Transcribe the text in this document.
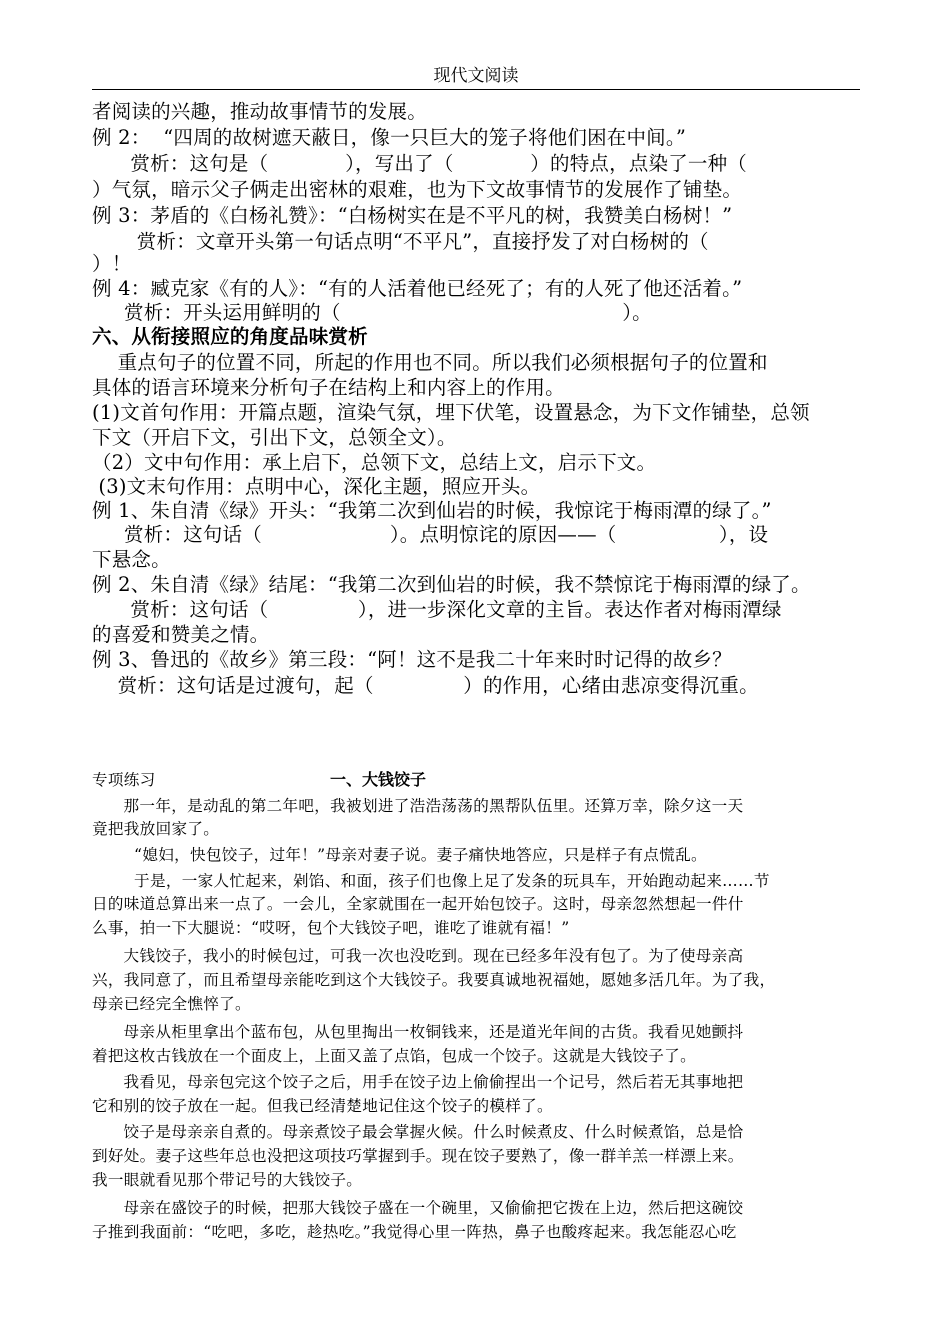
现代文阅读
者阅读的兴趣，推动故事情节的发展。
例 2：  “四周的故树遮天蔽日，像一只巨大的笼子将他们困在中间。”
赏析：这句是（            ），写出了（            ）的特点，点染了一种（
）气氛，暗示父子俩走出密林的艰难，也为下文故事情节的发展作了铺垫。
例 3：茅盾的《白杨礼赞》：“白杨树实在是不平凡的树，我赞美白杨树！”
赏析：文章开头第一句话点明“不平凡”，直接抒发了对白杨树的（
）！
例 4：臧克家《有的人》：“有的人活着他已经死了；有的人死了他还活着。”
赏析：开头运用鲜明的（                                            ）。
六、从衔接照应的角度品味赏析
重点句子的位置不同，所起的作用也不同。所以我们必须根据句子的位置和
具体的语言环境来分析句子在结构上和内容上的作用。
(1)文首句作用：开篇点题，渲染气氛，埋下伏笔，设置悬念，为下文作铺垫，总领
下文（开启下文，引出下文，总领全文）。
（2）文中句作用：承上启下，总领下文，总结上文，启示下文。
(3)文末句作用：点明中心，深化主题，照应开头。
例 1、朱自清《绿》开头：“我第二次到仙岩的时候，我惊诧于梅雨潭的绿了。”
赏析：这句话（                    ）。点明惊诧的原因——（                ），设
下悬念。
例 2、朱自清《绿》结尾：“我第二次到仙岩的时候，我不禁惊诧于梅雨潭的绿了。
赏析：这句话（              ），进一步深化文章的主旨。表达作者对梅雨潭绿
的喜爱和赞美之情。
例 3、鲁迅的《故乡》第三段：“阿！这不是我二十年来时时记得的故乡？
赏析：这句话是过渡句，起（              ）的作用，心绪由悲凉变得沉重。
专项练习	一、大钱饺子
那一年，是动乱的第二年吧，我被划进了浩浩荡荡的黑帮队伍里。还算万幸，除夕这一天
竟把我放回家了。
“媳妇，快包饺子，过年！”母亲对妻子说。妻子痛快地答应，只是样子有点慌乱。
于是，一家人忙起来，剁馅、和面，孩子们也像上足了发条的玩具车，开始跑动起来……节
日的味道总算出来一点了。一会儿，全家就围在一起开始包饺子。这时，母亲忽然想起一件什
么事，拍一下大腿说：“哎呀，包个大钱饺子吧，谁吃了谁就有福！”
大钱饺子，我小的时候包过，可我一次也没吃到。现在已经多年没有包了。为了使母亲高
兴，我同意了，而且希望母亲能吃到这个大钱饺子。我要真诚地祝福她，愿她多活几年。为了我，
母亲已经完全憔悴了。
母亲从柜里拿出个蓝布包，从包里掏出一枚铜钱来，还是道光年间的古货。我看见她颤抖
着把这枚古钱放在一个面皮上，上面又盖了点馅，包成一个饺子。这就是大钱饺子了。
我看见，母亲包完这个饺子之后，用手在饺子边上偷偷捏出一个记号，然后若无其事地把
它和别的饺子放在一起。但我已经清楚地记住这个饺子的模样了。
饺子是母亲亲自煮的。母亲煮饺子最会掌握火候。什么时候煮皮、什么时候煮馅，总是恰
到好处。妻子这些年总也没把这项技巧掌握到手。现在饺子要熟了，像一群羊羔一样漂上来。
我一眼就看见那个带记号的大钱饺子。
母亲在盛饺子的时候，把那大钱饺子盛在一个碗里，又偷偷把它拨在上边，然后把这碗饺
子推到我面前：“吃吧，多吃，趁热吃。”我觉得心里一阵热，鼻子也酸疼起来。我怎能忍心吃
